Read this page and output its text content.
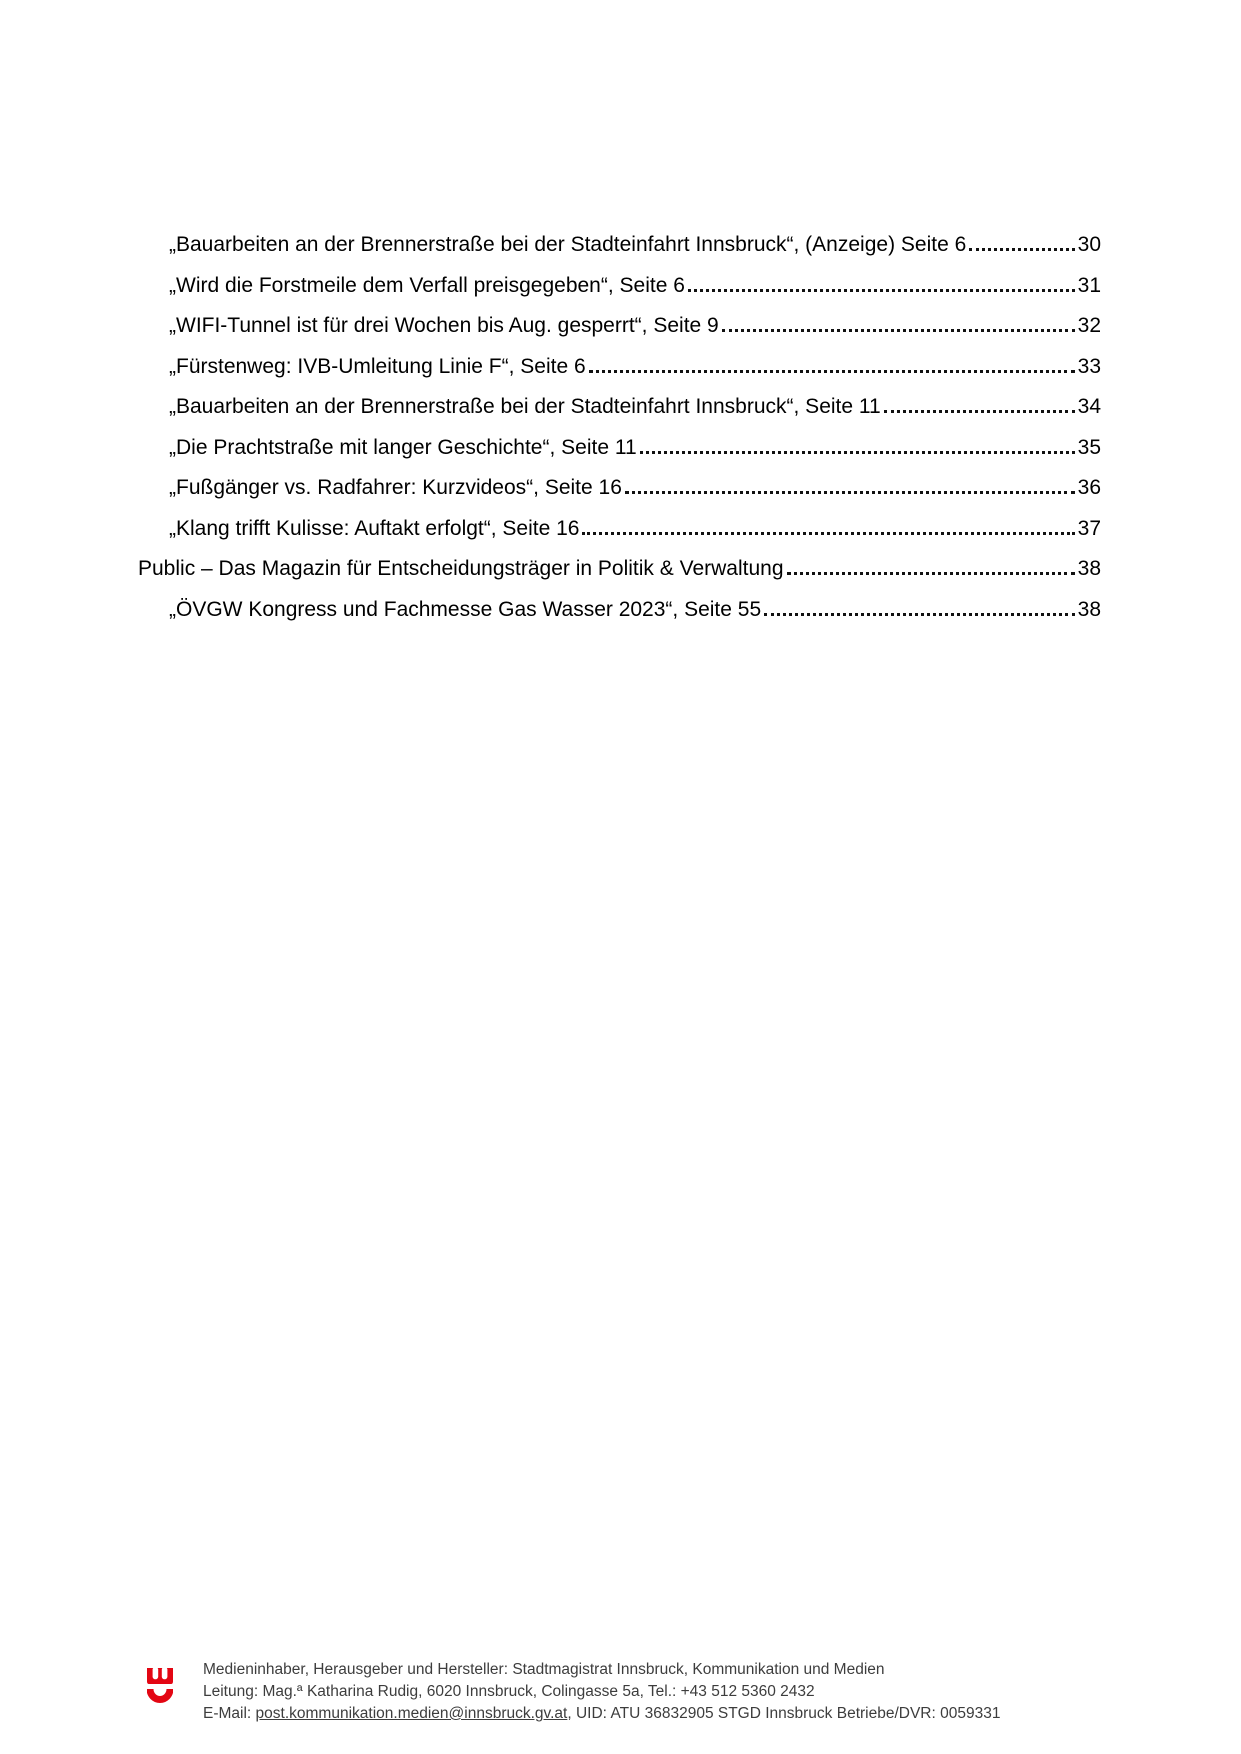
„Bauarbeiten an der Brennerstraße bei der Stadteinfahrt Innsbruck“, (Anzeige) Seite 6	30
„Wird die Forstmeile dem Verfall preisgegeben“, Seite 6	31
„WIFI-Tunnel ist für drei Wochen bis Aug. gesperrt“, Seite 9	32
„Fürstenweg: IVB-Umleitung Linie F“, Seite 6	33
„Bauarbeiten an der Brennerstraße bei der Stadteinfahrt Innsbruck“, Seite 11	34
„Die Prachtstraße mit langer Geschichte“, Seite 11	35
„Fußgänger vs. Radfahrer: Kurzvideos“, Seite 16	36
„Klang trifft Kulisse: Auftakt erfolgt“, Seite 16	37
Public – Das Magazin für Entscheidungsträger in Politik & Verwaltung	38
„ÖVGW Kongress und Fachmesse Gas Wasser 2023“, Seite 55	38
Medieninhaber, Herausgeber und Hersteller: Stadtmagistrat Innsbruck, Kommunikation und Medien
Leitung: Mag.ª Katharina Rudig, 6020 Innsbruck, Colingasse 5a, Tel.: +43 512 5360 2432
E-Mail: post.kommunikation.medien@innsbruck.gv.at, UID: ATU 36832905 STGD Innsbruck Betriebe/DVR: 0059331
